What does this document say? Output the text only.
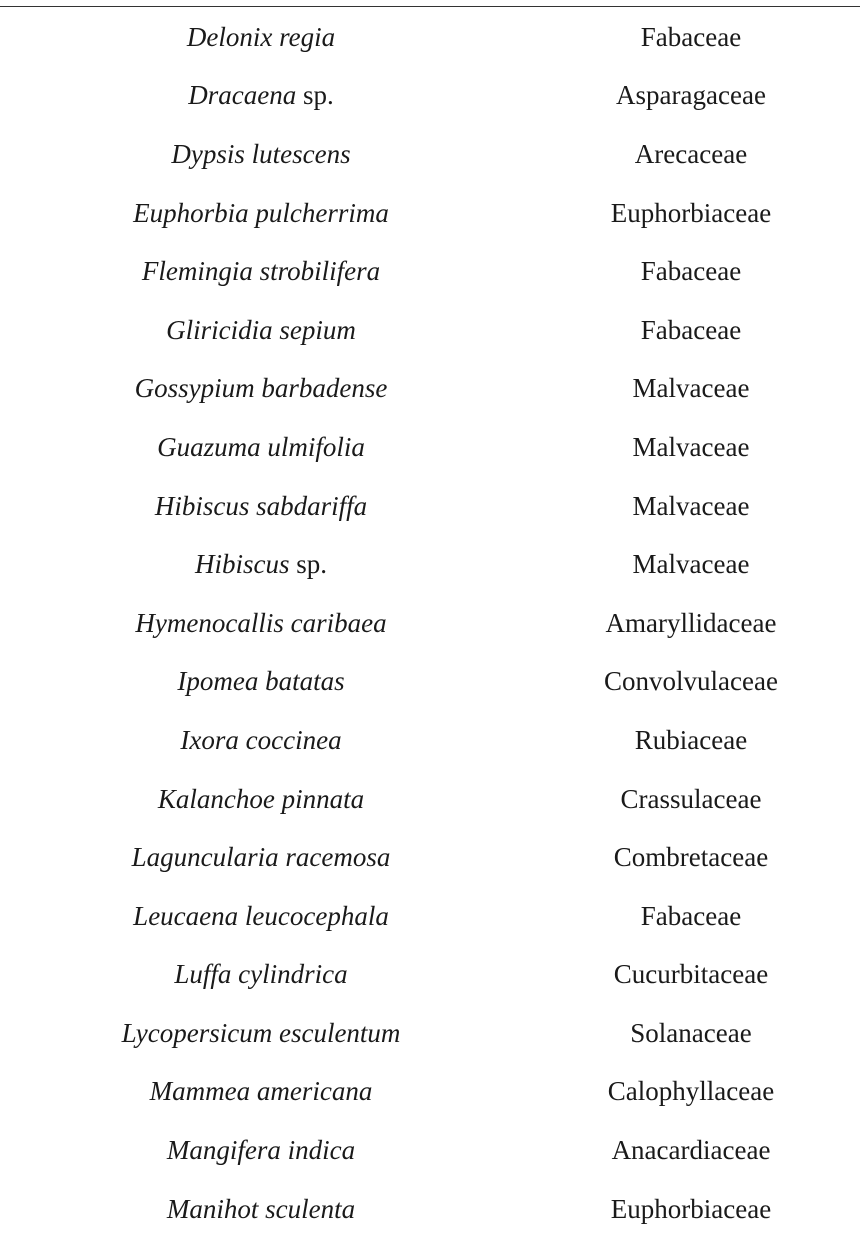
Delonix regia	Fabaceae
Dracaena sp.	Asparagaceae
Dypsis lutescens	Arecaceae
Euphorbia pulcherrima	Euphorbiaceae
Flemingia strobilifera	Fabaceae
Gliricidia sepium	Fabaceae
Gossypium barbadense	Malvaceae
Guazuma ulmifolia	Malvaceae
Hibiscus sabdariffa	Malvaceae
Hibiscus sp.	Malvaceae
Hymenocallis caribaea	Amaryllidaceae
Ipomea batatas	Convolvulaceae
Ixora coccinea	Rubiaceae
Kalanchoe pinnata	Crassulaceae
Laguncularia racemosa	Combretaceae
Leucaena leucocephala	Fabaceae
Luffa cylindrica	Cucurbitaceae
Lycopersicum esculentum	Solanaceae
Mammea americana	Calophyllaceae
Mangifera indica	Anacardiaceae
Manihot sculenta	Euphorbiaceae
